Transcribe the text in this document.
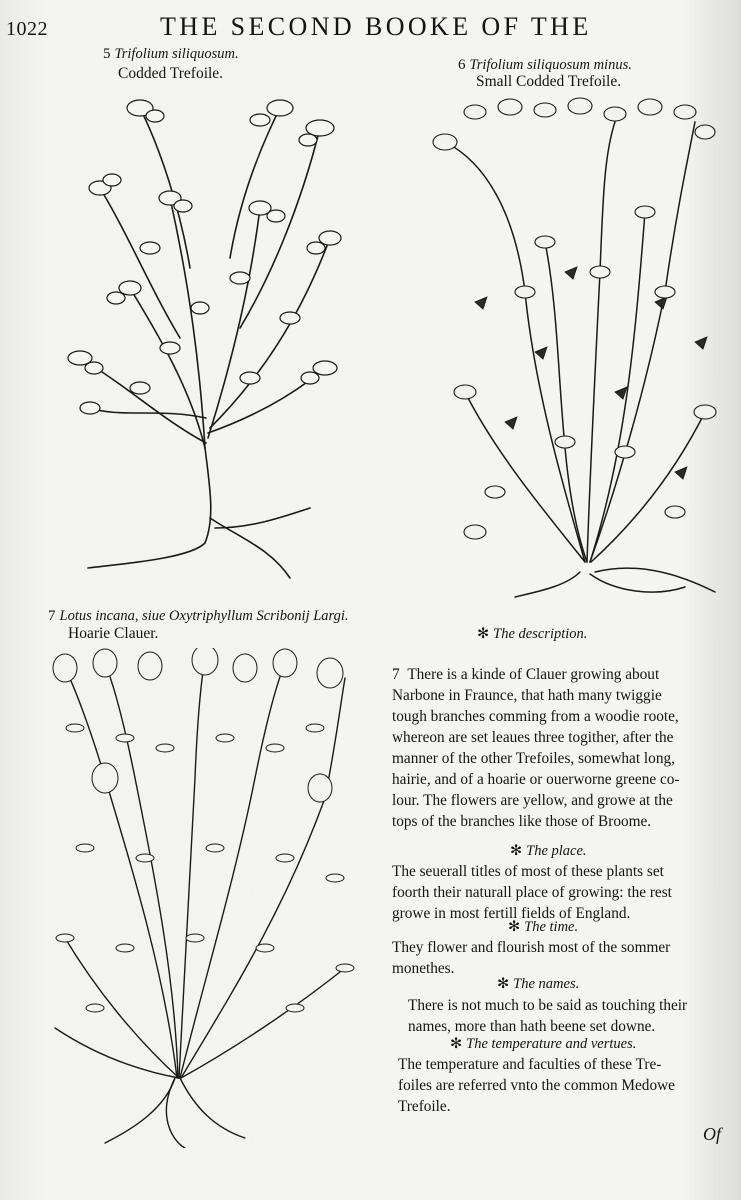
1022	THE SECOND BOOKE OF THE
5 Trifolium siliquosum.
Codded Trefoile.	6 Trifolium siliquosum minus.
Small Codded Trefoile.
7 Lotus incana, siue Oxytriphyllum Scribonij Largi.
Hoarie Clauer.	✻ The description.
7  There is a kinde of Clauer growing about
Narbone in Fraunce, that hath many twiggie
tough branches comming from a woodie roote,
whereon are set leaues three togither, after the
manner of the other Trefoiles, somewhat long,
hairie, and of a hoarie or ouerworne greene co-
lour. The flowers are yellow, and growe at the
tops of the branches like those of Broome.
✻ The place.
The seuerall titles of most of these plants set
foorth their naturall place of growing: the rest
growe in most fertill fields of England.
✻ The time.
They flower and flourish most of the sommer
monethes.
✻ The names.
There is not much to be said as touching their
names, more than hath beene set downe.
✻ The temperature and vertues.
The temperature and faculties of these Tre-
foiles are referred vnto the common Medowe
Trefoile.
Of
